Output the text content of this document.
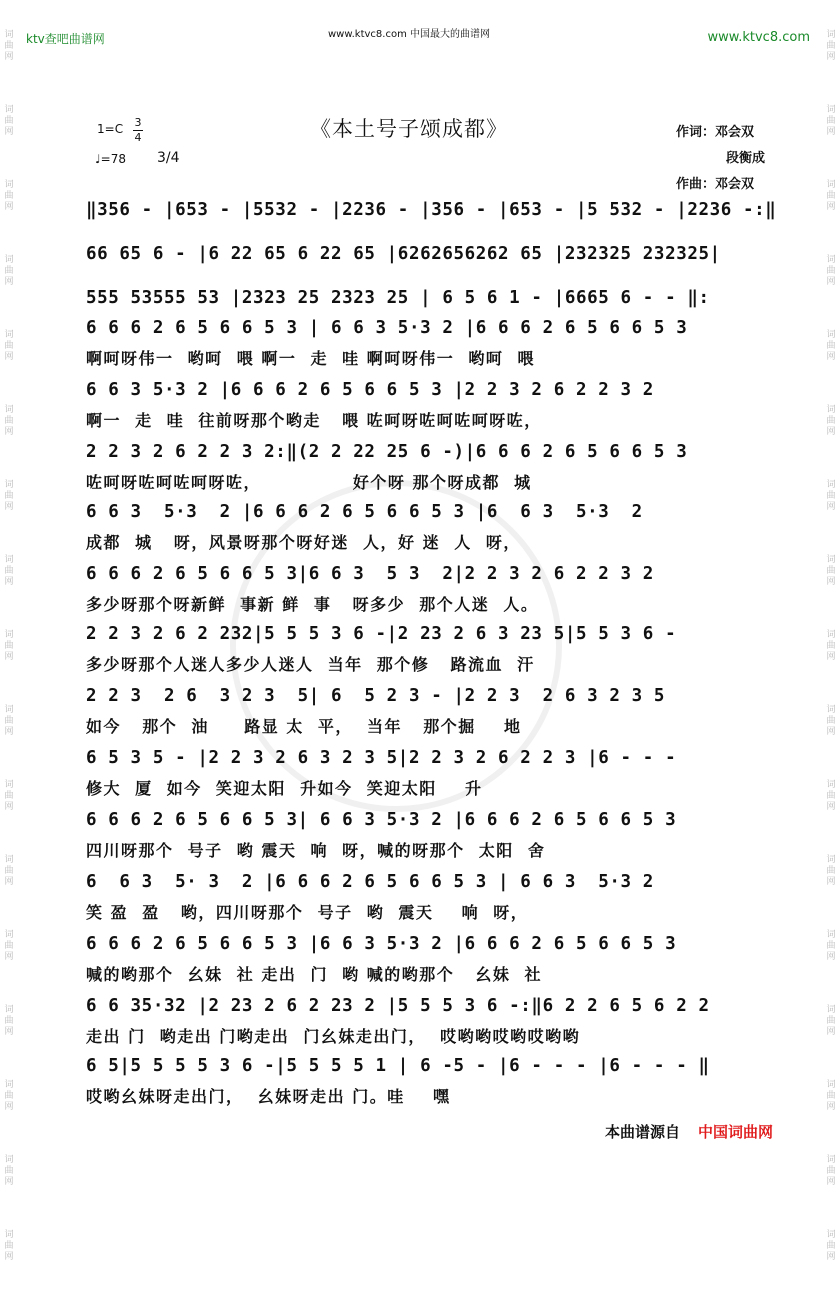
词
曲
网
词
曲
网
词
曲
网
词
曲
网
词
曲
网
词
曲
网
词
曲
网
词
曲
网
词
曲
网
词
曲
网
词
曲
网
词
曲
网
词
曲
网
词
曲
网
词
曲
网
词
曲
网
词
曲
网
词
曲
网
词
曲
网
词
曲
网
词
曲
网
词
曲
网
词
曲
网
词
曲
网
词
曲
网
词
曲
网
词
曲
网
词
曲
网
词
曲
网
词
曲
网
词
曲
网
词
曲
网
词
曲
网
词
曲
网
ktv查吧曲谱网	www.ktvc8.com 中国最大的曲谱网	www.ktvc8.com
《本土号子颂成都》
$1=C \frac{3}{4}$
♩=78 3/4
作词：邓会双
段衡成
作曲：邓会双
‖356 - |653 - |5532 - |2236 - |356 - |653 - |5 532 - |2236 -:‖
66 65 6 - |6 22 65 6 22 65 |6262656262 65 |232325 232325|
555 53555 53 |2323 25 2323 25 | 6 5 6 1 - |6665 6 - - ‖:
6 6 6 2 6 5 6 6 5 3 | 6 6 3 5·3 2 |6 6 6 2 6 5 6 6 5 3
啊呵呀伟一  哟呵  喂 啊一  走  哇 啊呵呀伟一  哟呵  喂
6 6 3 5·3 2 |6 6 6 2 6 5 6 6 5 3 |2 2 3 2 6 2 2 3 2
啊一  走  哇  往前呀那个哟走   喂 咗呵呀咗呵咗呵呀咗，
2 2 3 2 6 2 2 3 2:‖(2 2 22 25 6 -)|6 6 6 2 6 5 6 6 5 3
咗呵呀咗呵咗呵呀咗，             好个呀 那个呀成都  城
6 6 3  5·3  2 |6 6 6 2 6 5 6 6 5 3 |6  6 3  5·3  2
成都  城   呀，风景呀那个呀好迷  人，好 迷  人  呀，
6 6 6 2 6 5 6 6 5 3|6 6 3  5 3  2|2 2 3 2 6 2 2 3 2
多少呀那个呀新鲜  事新 鲜  事   呀多少  那个人迷  人。
2 2 3 2 6 2 232|5 5 5 3 6 -|2 23 2 6 3 23 5|5 5 3 6 -
多少呀那个人迷人多少人迷人  当年  那个修   路流血  汗
2 2 3  2 6  3 2 3  5| 6  5 2 3 - |2 2 3  2 6 3 2 3 5
如今   那个  油     路显 太  平，  当年   那个掘    地
6 5 3 5 - |2 2 3 2 6 3 2 3 5|2 2 3 2 6 2 2 3 |6 - - -
修大  厦  如今  笑迎太阳  升如今  笑迎太阳    升
6 6 6 2 6 5 6 6 5 3| 6 6 3 5·3 2 |6 6 6 2 6 5 6 6 5 3
四川呀那个  号子  哟 震天  响  呀，喊的呀那个  太阳  舍
6  6 3  5· 3  2 |6 6 6 2 6 5 6 6 5 3 | 6 6 3  5·3 2
笑 盈  盈   哟，四川呀那个  号子  哟  震天    响  呀，
6 6 6 2 6 5 6 6 5 3 |6 6 3 5·3 2 |6 6 6 2 6 5 6 6 5 3
喊的哟那个  幺妹  社 走出  门  哟 喊的哟那个   幺妹  社
6 6 35·32 |2 23 2 6 2 23 2 |5 5 5 3 6 -:‖6 2 2 6 5 6 2 2
走出 门  哟走出 门哟走出  门幺妹走出门，  哎哟哟哎哟哎哟哟
6 5|5 5 5 5 3 6 -|5 5 5 5 1 | 6 -5 - |6 - - - |6 - - - ‖
哎哟幺妹呀走出门，  幺妹呀走出 门。哇    嘿
本曲谱源自 中国词曲网
